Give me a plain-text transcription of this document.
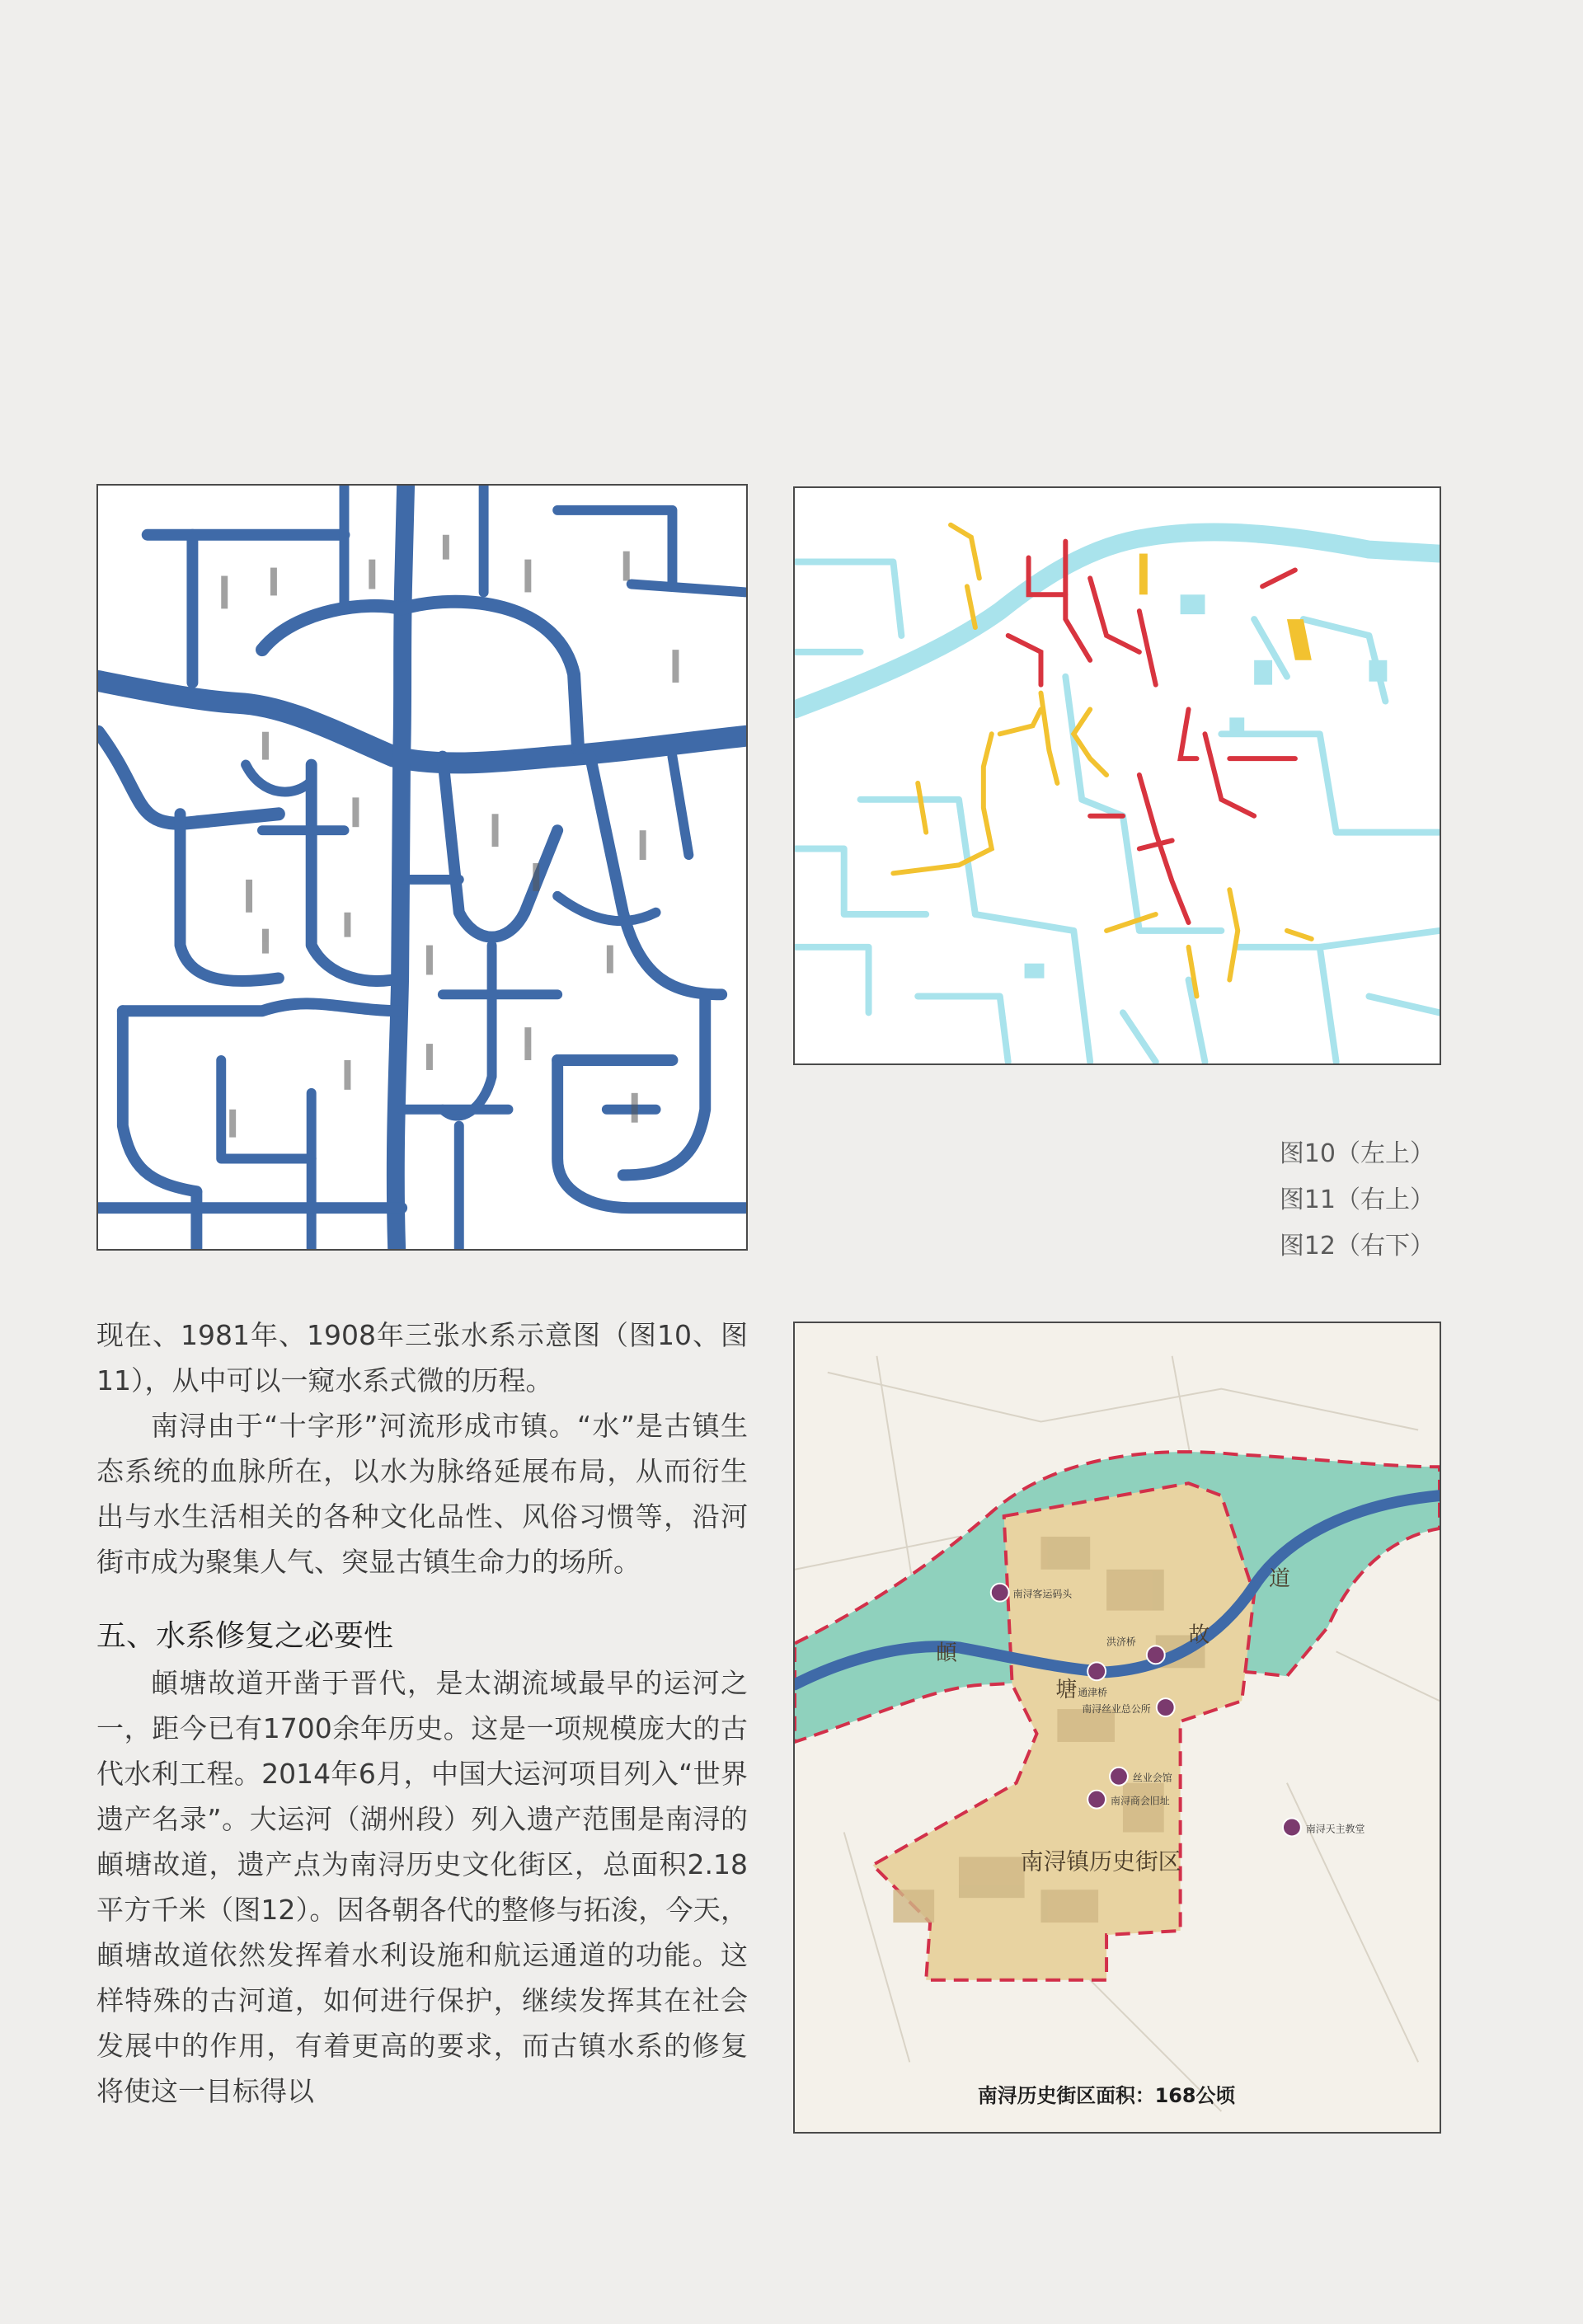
图10（左上）
图11（右上）
图12（右下）

现在、1981年、1908年三张水系示意图（图10、图11），从中可以一窥水系式微的历程。

南浔由于“十字形”河流形成市镇。“水”是古镇生态系统的血脉所在，以水为脉络延展布局，从而衍生出与水生活相关的各种文化品性、风俗习惯等，沿河街市成为聚集人气、突显古镇生命力的场所。

五、水系修复之必要性

頔塘故道开凿于晋代，是太湖流域最早的运河之一，距今已有1700余年历史。这是一项规模庞大的古代水利工程。2014年6月，中国大运河项目列入“世界遗产名录”。大运河（湖州段）列入遗产范围是南浔的頔塘故道，遗产点为南浔历史文化街区，总面积2.18平方千米（图12）。因各朝各代的整修与拓浚，今天，頔塘故道依然发挥着水利设施和航运通道的功能。这样特殊的古河道，如何进行保护，继续发挥其在社会发展中的作用，有着更高的要求，而古镇水系的修复将使这一目标得以

頔
塘
故
道
南浔客运码头
洪济桥
通津桥
南浔丝业总公所
丝业会馆
南浔商会旧址
南浔天主教堂
南浔镇历史街区
南浔历史街区面积：168公顷
